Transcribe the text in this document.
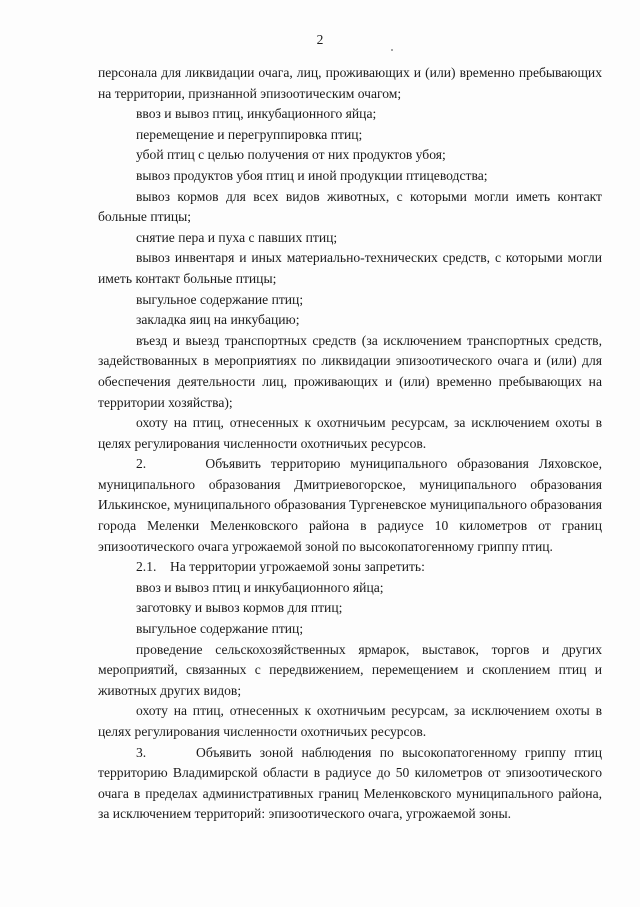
2

персонала для ликвидации очага, лиц, проживающих и (или) временно пребывающих на территории, признанной эпизоотическим очагом;

ввоз и вывоз птиц, инкубационного яйца;

перемещение и перегруппировка птиц;

убой птиц с целью получения от них продуктов убоя;

вывоз продуктов убоя птиц и иной продукции птицеводства;

вывоз кормов для всех видов животных, с которыми могли иметь контакт больные птицы;

снятие пера и пуха с павших птиц;

вывоз инвентаря и иных материально-технических средств, с которыми могли иметь контакт больные птицы;

выгульное содержание птиц;

закладка яиц на инкубацию;

въезд и выезд транспортных средств (за исключением транспортных средств, задействованных в мероприятиях по ликвидации эпизоотического очага и (или) для обеспечения деятельности лиц, проживающих и (или) временно пребывающих на территории хозяйства);

охоту на птиц, отнесенных к охотничьим ресурсам, за исключением охоты в целях регулирования численности охотничьих ресурсов.

2.      Объявить территорию муниципального образования Ляховское, муниципального образования Дмитриевогорское, муниципального образования Илькинское, муниципального образования Тургеневское муниципального образования города Меленки Меленковского района в радиусе 10 километров от границ эпизоотического очага угрожаемой зоной по высокопатогенному гриппу птиц.

2.1.    На территории угрожаемой зоны запретить:

ввоз и вывоз птиц и инкубационного яйца;

заготовку и вывоз кормов для птиц;

выгульное содержание птиц;

проведение сельскохозяйственных ярмарок, выставок, торгов и других мероприятий, связанных с передвижением, перемещением и скоплением птиц и животных других видов;

охоту на птиц, отнесенных к охотничьим ресурсам, за исключением охоты в целях регулирования численности охотничьих ресурсов.

3.      Объявить зоной наблюдения по высокопатогенному гриппу птиц территорию Владимирской области в радиусе до 50 километров от эпизоотического очага в пределах административных границ Меленковского муниципального района, за исключением территорий: эпизоотического очага, угрожаемой зоны.
